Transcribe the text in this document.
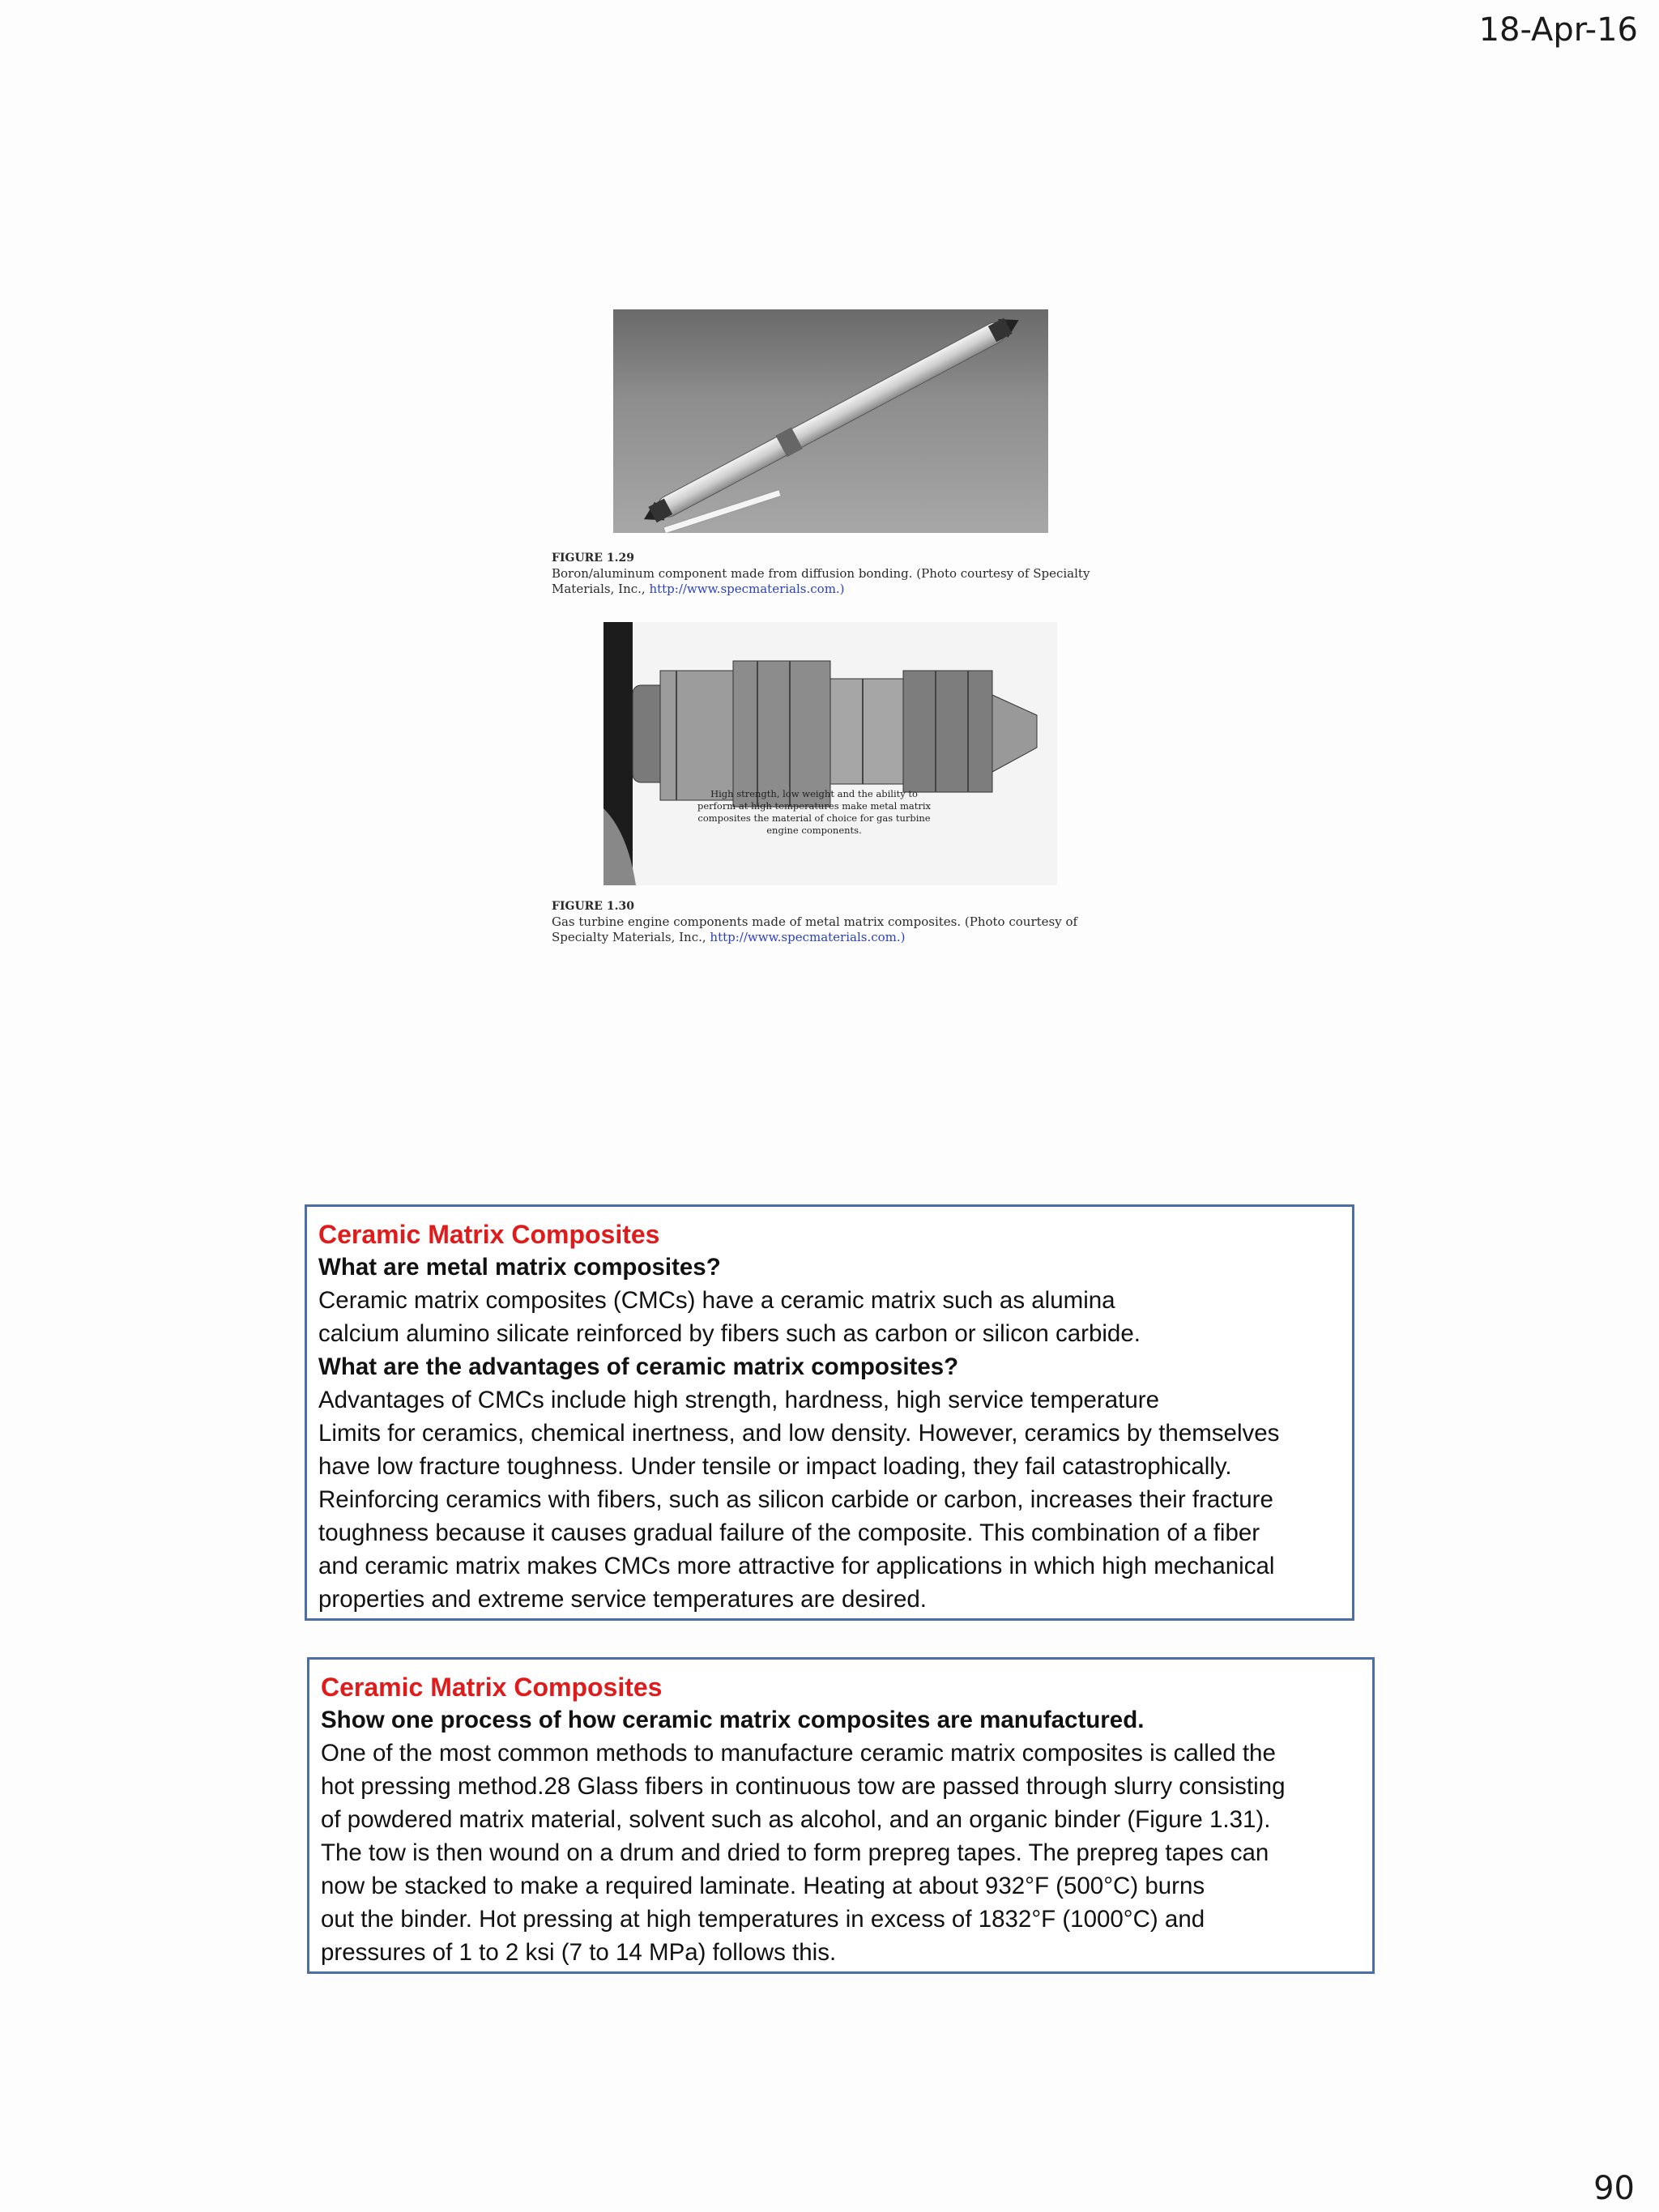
18-Apr-16
FIGURE 1.29
Boron/aluminum component made from diffusion bonding. (Photo courtesy of Specialty Materials, Inc., http://www.specmaterials.com.)
High strength, low weight and the ability to perform at high temperatures make metal matrix composites the material of choice for gas turbine engine components.
FIGURE 1.30
Gas turbine engine components made of metal matrix composites. (Photo courtesy of Specialty Materials, Inc., http://www.specmaterials.com.)
Ceramic Matrix Composites
What are metal matrix composites?
Ceramic matrix composites (CMCs) have a ceramic matrix such as alumina
calcium alumino silicate reinforced by fibers such as carbon or silicon carbide.
What are the advantages of ceramic matrix composites?
Advantages of CMCs include high strength, hardness, high service temperature
Limits for ceramics, chemical inertness, and low density. However, ceramics by themselves
have low fracture toughness. Under tensile or impact loading, they fail catastrophically.
Reinforcing ceramics with fibers, such as silicon carbide or carbon, increases their fracture
toughness because it causes gradual failure of the composite. This combination of a fiber
and ceramic matrix makes CMCs more attractive for applications in which high mechanical
properties and extreme service temperatures are desired.
Ceramic Matrix Composites
Show one process of how ceramic matrix composites are manufactured.
One of the most common methods to manufacture ceramic matrix composites is called the
hot pressing method.28 Glass fibers in continuous tow are passed through slurry consisting
of powdered matrix material, solvent such as alcohol, and an organic binder (Figure 1.31).
The tow is then wound on a drum and dried to form prepreg tapes. The prepreg tapes can
now be stacked to make a required laminate. Heating at about 932°F (500°C) burns
out the binder. Hot pressing at high temperatures in excess of 1832°F (1000°C) and
pressures of 1 to 2 ksi (7 to 14 MPa) follows this.
90
